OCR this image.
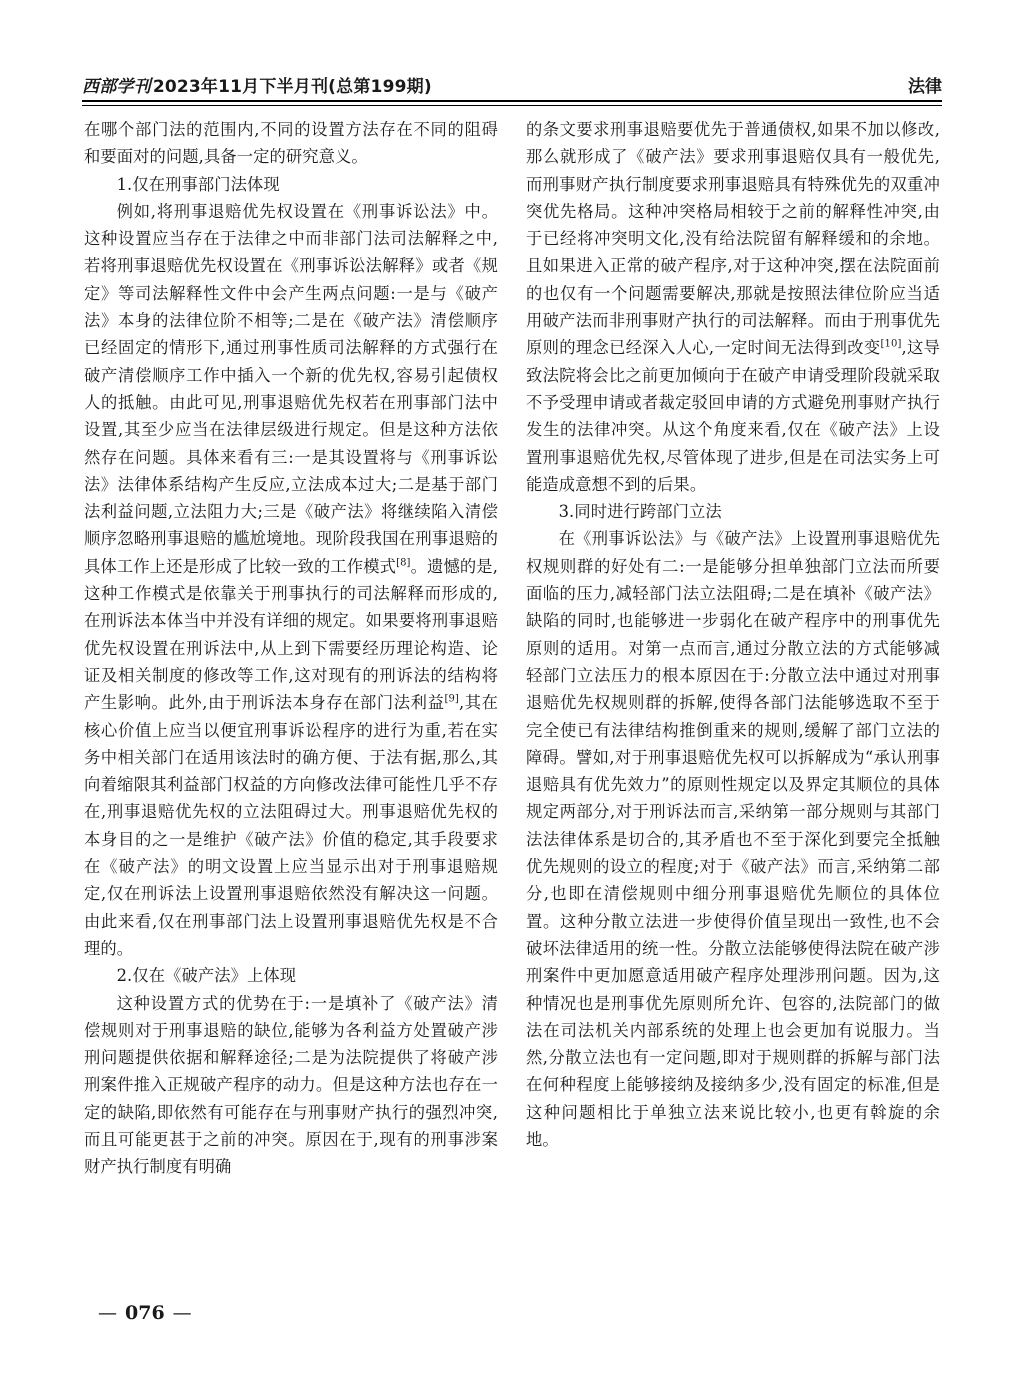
西部学刊 2023年11月下半月刊(总第199期)	法律

在哪个部门法的范围内,不同的设置方法存在不同的阻碍和要面对的问题,具备一定的研究意义。

1.仅在刑事部门法体现

例如,将刑事退赔优先权设置在《刑事诉讼法》中。这种设置应当存在于法律之中而非部门法司法解释之中,若将刑事退赔优先权设置在《刑事诉讼法解释》或者《规定》等司法解释性文件中会产生两点问题:一是与《破产法》本身的法律位阶不相等;二是在《破产法》清偿顺序已经固定的情形下,通过刑事性质司法解释的方式强行在破产清偿顺序工作中插入一个新的优先权,容易引起债权人的抵触。由此可见,刑事退赔优先权若在刑事部门法中设置,其至少应当在法律层级进行规定。但是这种方法依然存在问题。具体来看有三:一是其设置将与《刑事诉讼法》法律体系结构产生反应,立法成本过大;二是基于部门法利益问题,立法阻力大;三是《破产法》将继续陷入清偿顺序忽略刑事退赔的尴尬境地。现阶段我国在刑事退赔的具体工作上还是形成了比较一致的工作模式[8]。遗憾的是,这种工作模式是依靠关于刑事执行的司法解释而形成的,在刑诉法本体当中并没有详细的规定。如果要将刑事退赔优先权设置在刑诉法中,从上到下需要经历理论构造、论证及相关制度的修改等工作,这对现有的刑诉法的结构将产生影响。此外,由于刑诉法本身存在部门法利益[9],其在核心价值上应当以便宜刑事诉讼程序的进行为重,若在实务中相关部门在适用该法时的确方便、于法有据,那么,其向着缩限其利益部门权益的方向修改法律可能性几乎不存在,刑事退赔优先权的立法阻碍过大。刑事退赔优先权的本身目的之一是维护《破产法》价值的稳定,其手段要求在《破产法》的明文设置上应当显示出对于刑事退赔规定,仅在刑诉法上设置刑事退赔依然没有解决这一问题。由此来看,仅在刑事部门法上设置刑事退赔优先权是不合理的。

2.仅在《破产法》上体现

这种设置方式的优势在于:一是填补了《破产法》清偿规则对于刑事退赔的缺位,能够为各利益方处置破产涉刑问题提供依据和解释途径;二是为法院提供了将破产涉刑案件推入正规破产程序的动力。但是这种方法也存在一定的缺陷,即依然有可能存在与刑事财产执行的强烈冲突,而且可能更甚于之前的冲突。原因在于,现有的刑事涉案财产执行制度有明确

的条文要求刑事退赔要优先于普通债权,如果不加以修改,那么就形成了《破产法》要求刑事退赔仅具有一般优先,而刑事财产执行制度要求刑事退赔具有特殊优先的双重冲突优先格局。这种冲突格局相较于之前的解释性冲突,由于已经将冲突明文化,没有给法院留有解释缓和的余地。且如果进入正常的破产程序,对于这种冲突,摆在法院面前的也仅有一个问题需要解决,那就是按照法律位阶应当适用破产法而非刑事财产执行的司法解释。而由于刑事优先原则的理念已经深入人心,一定时间无法得到改变[10],这导致法院将会比之前更加倾向于在破产申请受理阶段就采取不予受理申请或者裁定驳回申请的方式避免刑事财产执行发生的法律冲突。从这个角度来看,仅在《破产法》上设置刑事退赔优先权,尽管体现了进步,但是在司法实务上可能造成意想不到的后果。

3.同时进行跨部门立法

在《刑事诉讼法》与《破产法》上设置刑事退赔优先权规则群的好处有二:一是能够分担单独部门立法而所要面临的压力,减轻部门法立法阻碍;二是在填补《破产法》缺陷的同时,也能够进一步弱化在破产程序中的刑事优先原则的适用。对第一点而言,通过分散立法的方式能够减轻部门立法压力的根本原因在于:分散立法中通过对刑事退赔优先权规则群的拆解,使得各部门法能够选取不至于完全使已有法律结构推倒重来的规则,缓解了部门立法的障碍。譬如,对于刑事退赔优先权可以拆解成为“承认刑事退赔具有优先效力”的原则性规定以及界定其顺位的具体规定两部分,对于刑诉法而言,采纳第一部分规则与其部门法法律体系是切合的,其矛盾也不至于深化到要完全抵触优先规则的设立的程度;对于《破产法》而言,采纳第二部分,也即在清偿规则中细分刑事退赔优先顺位的具体位置。这种分散立法进一步使得价值呈现出一致性,也不会破坏法律适用的统一性。分散立法能够使得法院在破产涉刑案件中更加愿意适用破产程序处理涉刑问题。因为,这种情况也是刑事优先原则所允许、包容的,法院部门的做法在司法机关内部系统的处理上也会更加有说服力。当然,分散立法也有一定问题,即对于规则群的拆解与部门法在何种程度上能够接纳及接纳多少,没有固定的标准,但是这种问题相比于单独立法来说比较小,也更有斡旋的余地。

— 076 —
